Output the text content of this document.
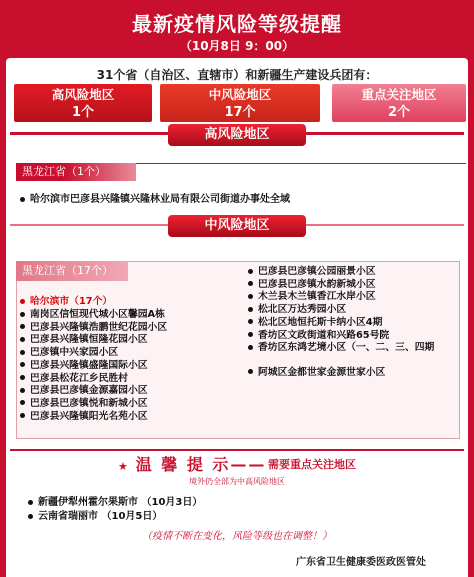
最新疫情风险等级提醒
（10月8日 9：00）
31个省（自治区、直辖市）和新疆生产建设兵团有：
高风险地区
1个
中风险地区
17个
重点关注地区
2个
高风险地区
黑龙江省（1个）
哈尔滨市巴彦县兴隆镇兴隆林业局有限公司街道办事处全域
中风险地区
黑龙江省（17个）
哈尔滨市（17个）
南岗区信恒现代城小区馨园A栋
巴彦县兴隆镇浩鹏世纪花园小区
巴彦县兴隆镇恒隆花园小区
巴彦镇中兴家园小区
巴彦县兴隆镇盛隆国际小区
巴彦县松花江乡民胜村
巴彦县巴彦镇金源嘉园小区
巴彦县巴彦镇悦和新城小区
巴彦县兴隆镇阳光名苑小区
巴彦县巴彦镇公园丽景小区
巴彦县巴彦镇水韵新城小区
木兰县木兰镇香江水岸小区
松北区万达秀园小区
松北区地恒托斯卡纳小区4期
香坊区文政街道和兴路65号院
香坊区东鸿艺境小区（一、二、三、四期
阿城区金都世家金源世家小区
★ 温 馨 提 示—— 需要重点关注地区
境外仍全部为中高风险地区
新疆伊犁州霍尔果斯市 （10月3日）
云南省瑞丽市 （10月5日）
（疫情不断在变化，风险等级也在调整！）
广东省卫生健康委医政医管处
